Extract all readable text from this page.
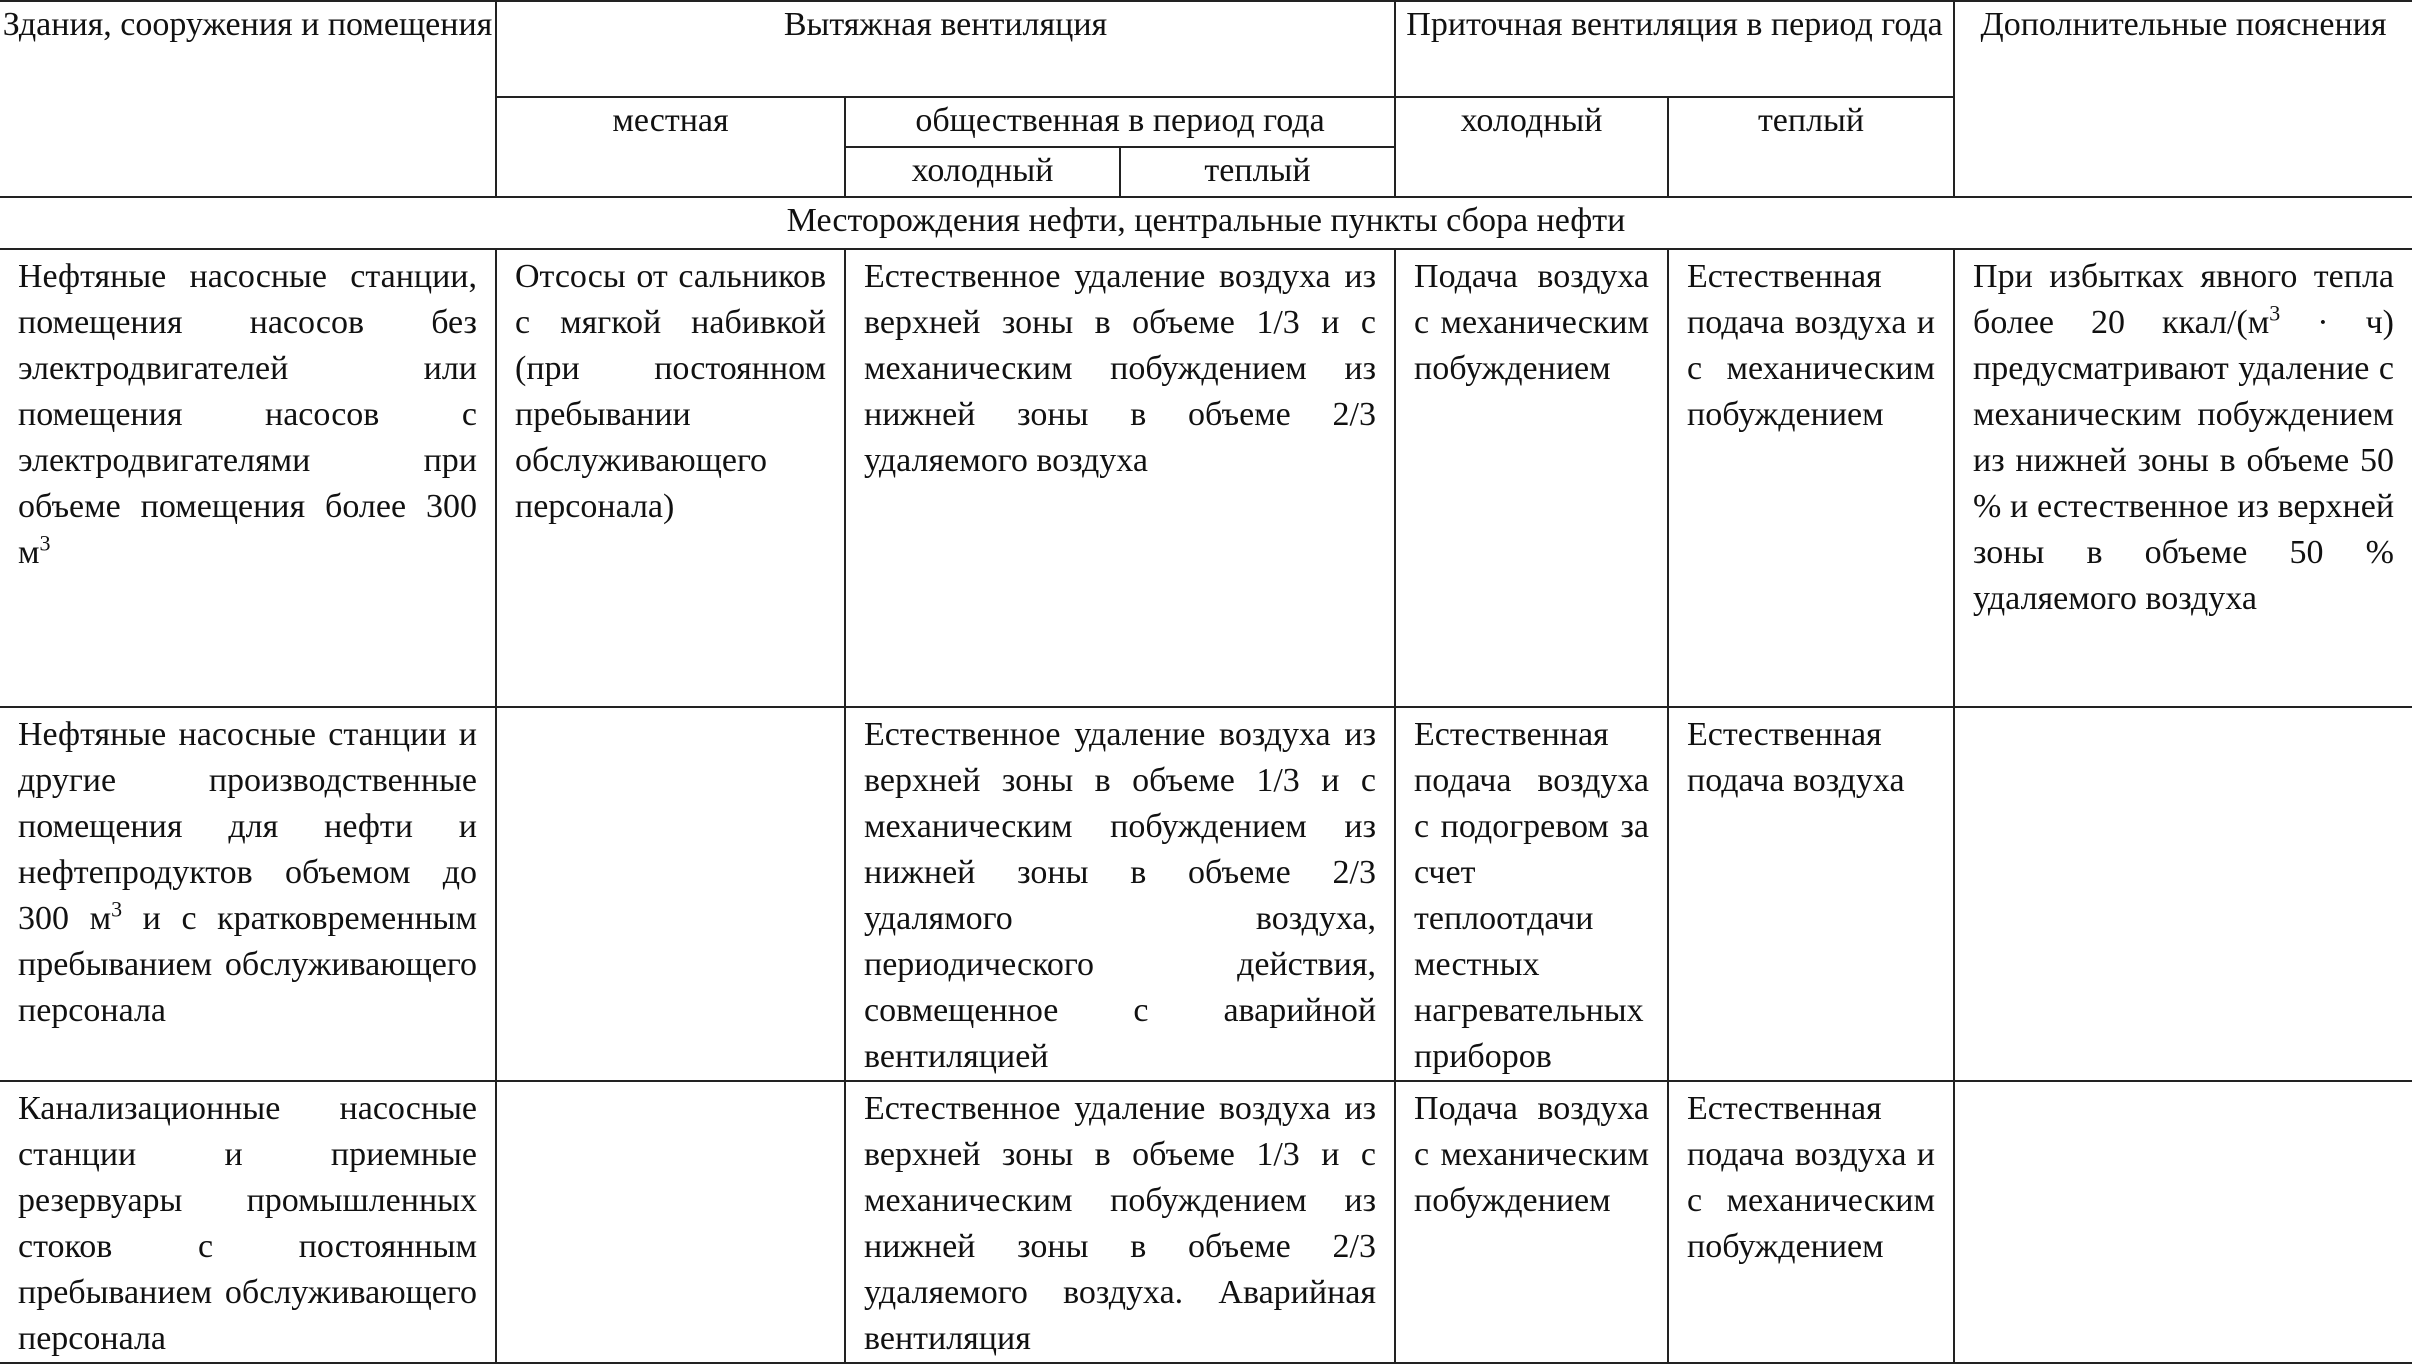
Здания, сооружения и помещения	Вытяжная вентиляция			Приточная вентиляция в период года		Дополнительные пояснения
	местная	общественная в период года		холодный	теплый	
		холодный	теплый			
Месторождения нефти, центральные пункты сбора нефти						

Нефтяные насосные станции, помещения насосов без электродвигателей или помещения насосов с электродвигателями при объеме помещения более 300 $м^3$	Отсосы от сальников с мягкой набивкой (при постоянном пребывании обслуживающего персонала)	Естественное удаление воздуха из верхней зоны в объеме 1/3 и с механическим побуждением из нижней зоны в объеме 2/3 удаляемого воздуха		Подача воздуха с механическим побуждением	Естественная подача воздуха и с механическим побуждением	При избытках явного тепла более 20 ккал/$(м^3 \cdot ч)$ предусматривают удаление с механическим побуждением из нижней зоны в объеме 50 % и естественное из верхней зоны в объеме 50 % удаляемого воздуха

Нефтяные насосные станции и другие производственные помещения для нефти и нефтепродуктов объемом до 300 $м^3$ и с кратковременным пребыванием обслуживающего персонала		Естественное удаление воздуха из верхней зоны в объеме 1/3 и с механическим побуждением из нижней зоны в объеме 2/3 удалямого воздуха, периодического действия, совмещенное с аварийной вентиляцией		Естественная подача воздуха с подогревом за счет теплоотдачи местных нагревательных приборов	Естественная подача воздуха	

Канализационные насосные станции и приемные резервуары промышленных стоков с постоянным пребыванием обслуживающего персонала		Естественное удаление воздуха из верхней зоны в объеме 1/3 и с механическим побуждением из нижней зоны в объеме 2/3 удаляемого воздуха. Аварийная вентиляция		Подача воздуха с механическим побуждением	Естественная подача воздуха и с механическим побуждением	
